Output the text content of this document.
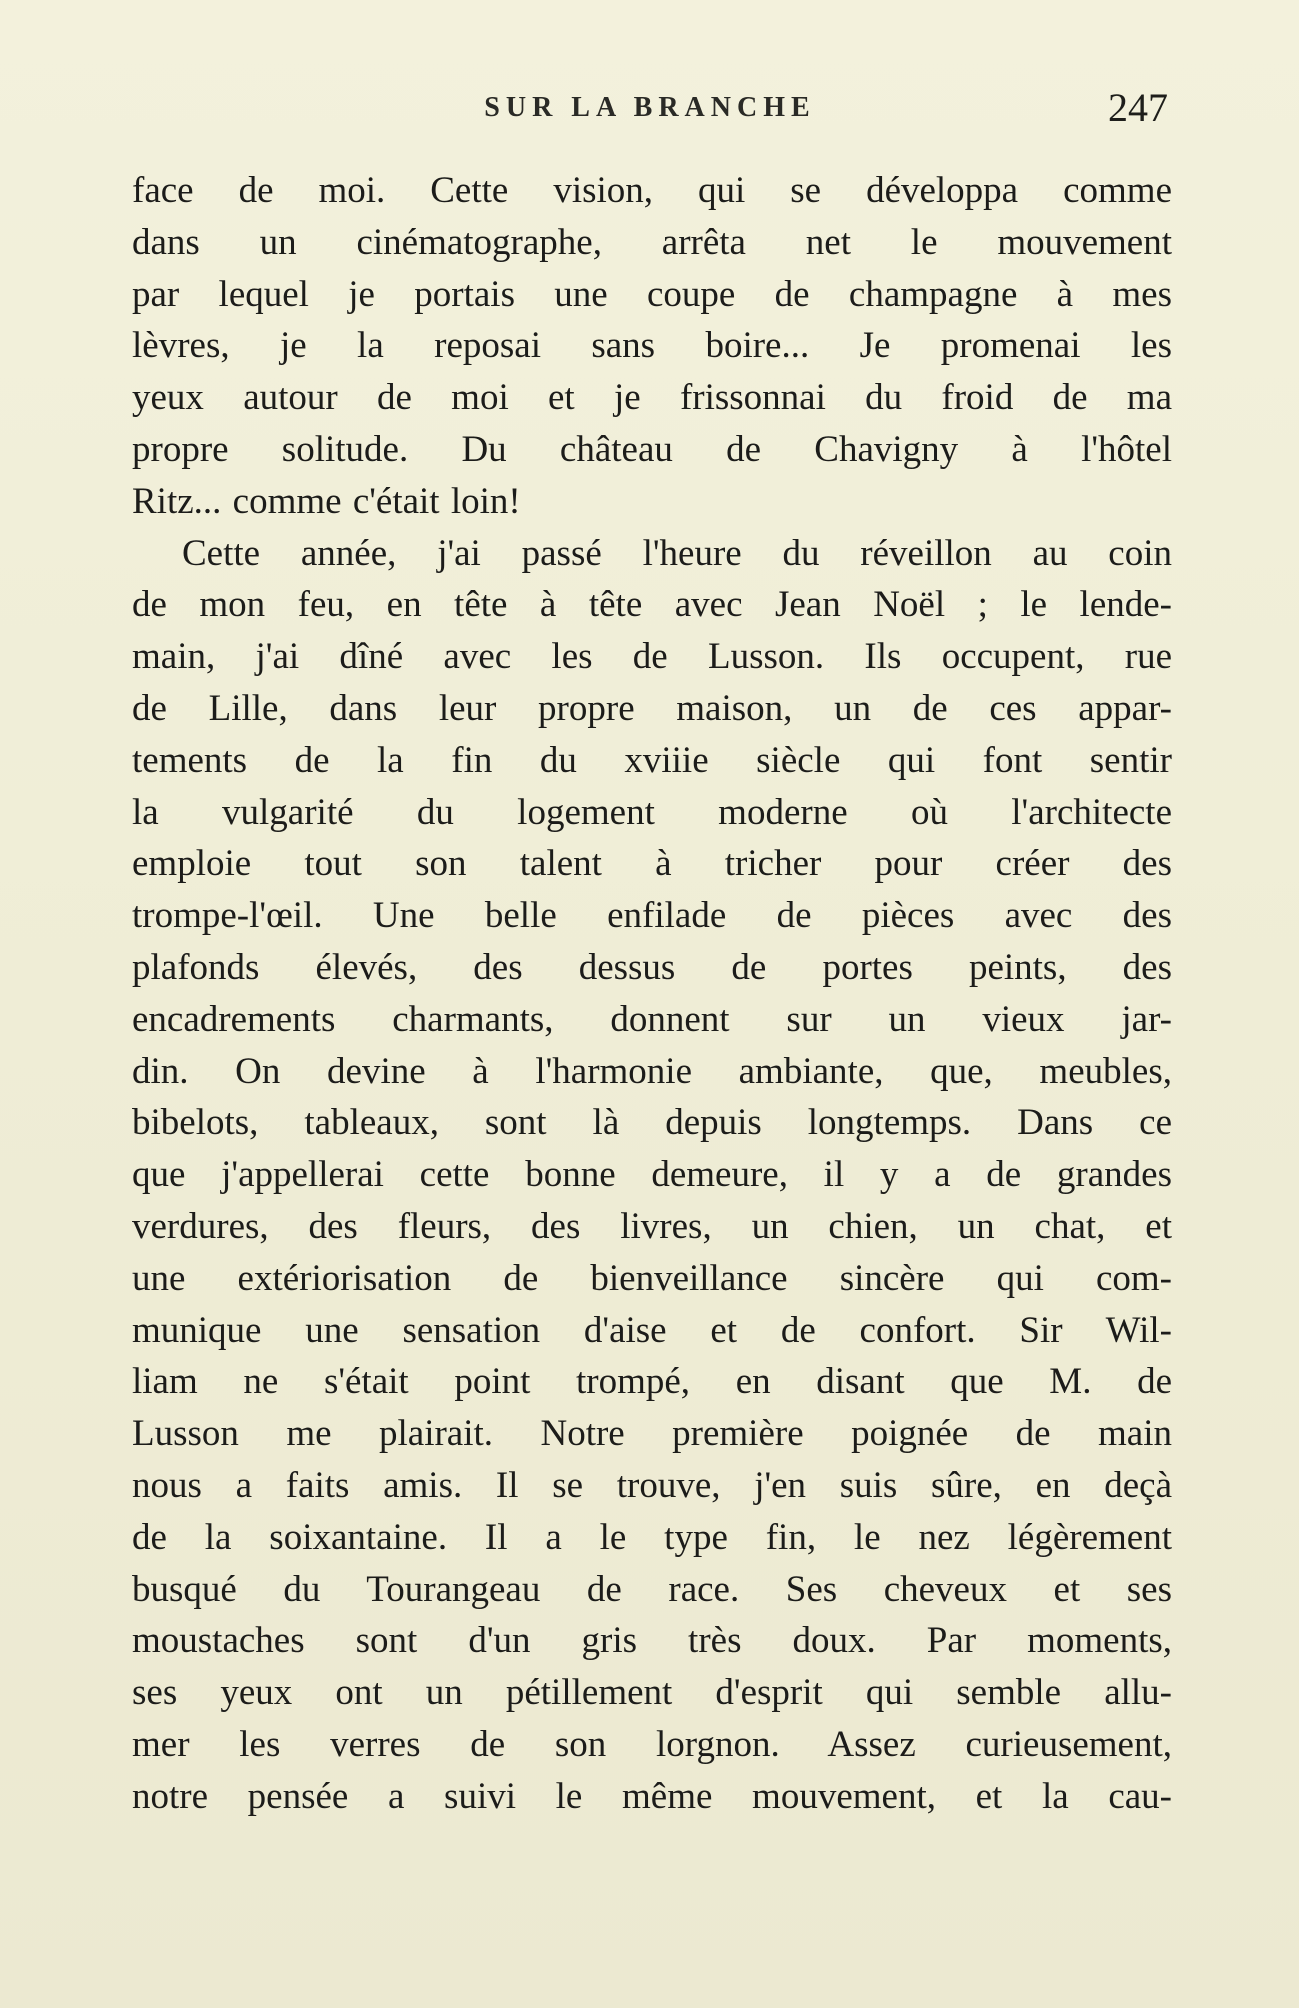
SUR LA BRANCHE	247
face de moi. Cette vision, qui se développa comme
dans un cinématographe, arrêta net le mouvement
par lequel je portais une coupe de champagne à mes
lèvres, je la reposai sans boire... Je promenai les
yeux autour de moi et je frissonnai du froid de ma
propre solitude. Du château de Chavigny à l'hôtel
Ritz... comme c'était loin!
Cette année, j'ai passé l'heure du réveillon au coin
de mon feu, en tête à tête avec Jean Noël ; le lende-
main, j'ai dîné avec les de Lusson. Ils occupent, rue
de Lille, dans leur propre maison, un de ces appar-
tements de la fin du xviiie siècle qui font sentir
la vulgarité du logement moderne où l'architecte
emploie tout son talent à tricher pour créer des
trompe-l'œil. Une belle enfilade de pièces avec des
plafonds élevés, des dessus de portes peints, des
encadrements charmants, donnent sur un vieux jar-
din. On devine à l'harmonie ambiante, que, meubles,
bibelots, tableaux, sont là depuis longtemps. Dans ce
que j'appellerai cette bonne demeure, il y a de grandes
verdures, des fleurs, des livres, un chien, un chat, et
une extériorisation de bienveillance sincère qui com-
munique une sensation d'aise et de confort. Sir Wil-
liam ne s'était point trompé, en disant que M. de
Lusson me plairait. Notre première poignée de main
nous a faits amis. Il se trouve, j'en suis sûre, en deçà
de la soixantaine. Il a le type fin, le nez légèrement
busqué du Tourangeau de race. Ses cheveux et ses
moustaches sont d'un gris très doux. Par moments,
ses yeux ont un pétillement d'esprit qui semble allu-
mer les verres de son lorgnon. Assez curieusement,
notre pensée a suivi le même mouvement, et la cau-
